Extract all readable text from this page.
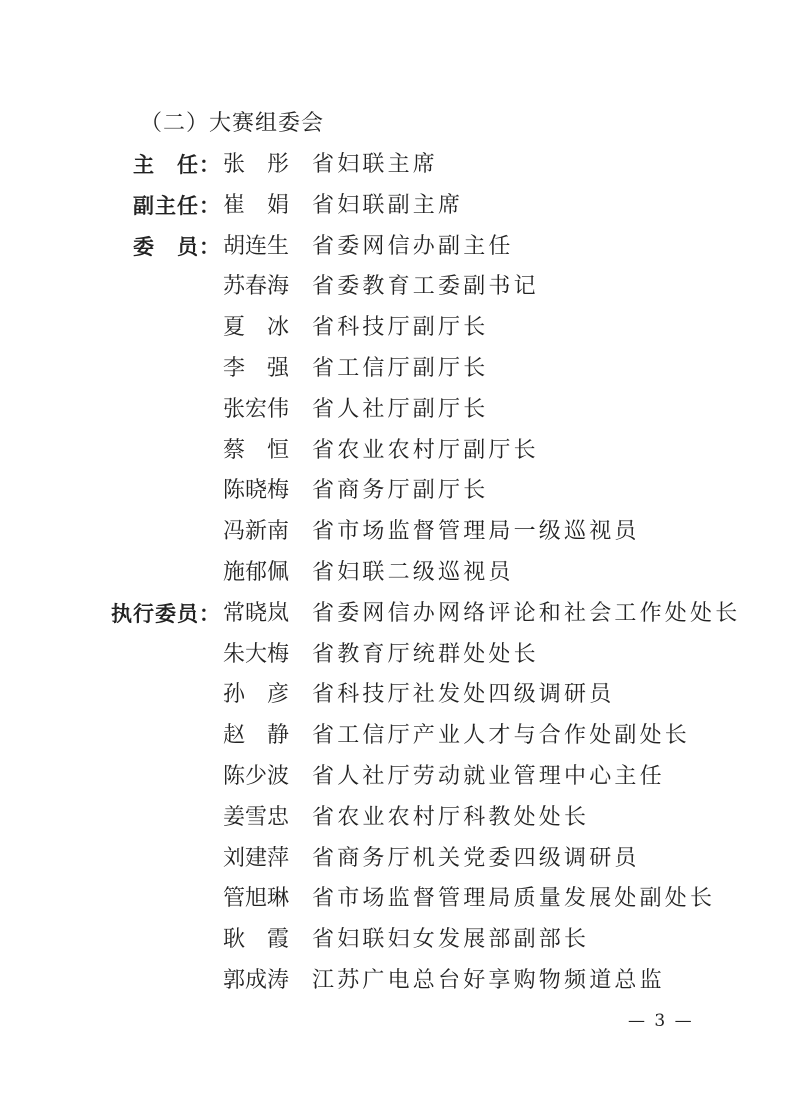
（二）大赛组委会
主　任： 张 彤 省妇联主席
副主任： 崔 娟 省妇联副主席
委　员： 胡 连 生 省委网信办副主任
苏 春 海 省委教育工委副书记
夏 冰 省科技厅副厅长
李 强 省工信厅副厅长
张 宏 伟 省人社厅副厅长
蔡 恒 省农业农村厅副厅长
陈 晓 梅 省商务厅副厅长
冯 新 南 省市场监督管理局一级巡视员
施 郁 佩 省妇联二级巡视员
执行委员： 常 晓 岚 省委网信办网络评论和社会工作处处长
朱 大 梅 省教育厅统群处处长
孙 彦 省科技厅社发处四级调研员
赵 静 省工信厅产业人才与合作处副处长
陈 少 波 省人社厅劳动就业管理中心主任
姜 雪 忠 省农业农村厅科教处处长
刘 建 萍 省商务厅机关党委四级调研员
管 旭 琳 省市场监督管理局质量发展处副处长
耿 霞 省妇联妇女发展部副部长
郭 成 涛 江苏广电总台好享购物频道总监
— 3 —
